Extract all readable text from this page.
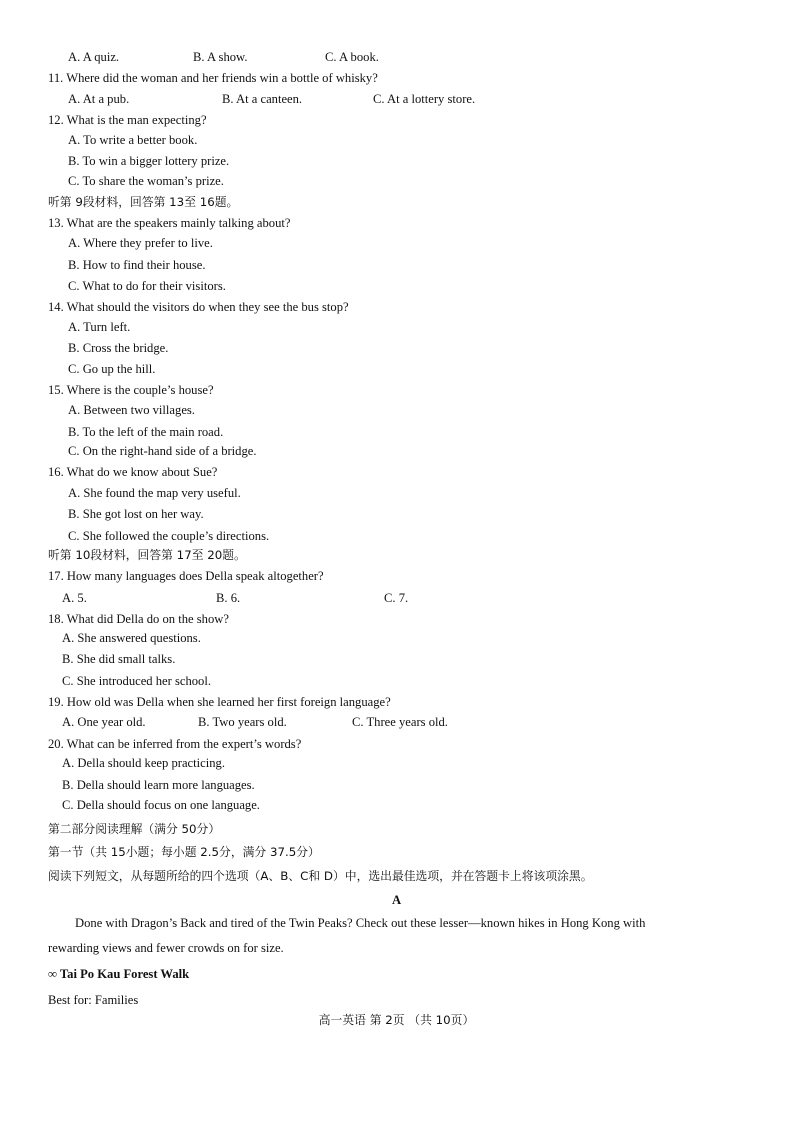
A. A quiz.	B. A show.	C. A book.
11. Where did the woman and her friends win a bottle of whisky?
A. At a pub.	B. At a canteen.	C. At a lottery store.
12. What is the man expecting?
A. To write a better book.
B. To win a bigger lottery prize.
C. To share the woman’s prize.
听第 9段材料，回答第 13至 16题。
13. What are the speakers mainly talking about?
A. Where they prefer to live.
B. How to find their house.
C. What to do for their visitors.
14. What should the visitors do when they see the bus stop?
A. Turn left.
B. Cross the bridge.
C. Go up the hill.
15. Where is the couple’s house?
A. Between two villages.
B. To the left of the main road.
C. On the right-hand side of a bridge.
16. What do we know about Sue?
A. She found the map very useful.
B. She got lost on her way.
C. She followed the couple’s directions.
听第 10段材料，回答第 17至 20题。
17. How many languages does Della speak altogether?
A. 5.	B. 6.	C. 7.
18. What did Della do on the show?
A. She answered questions.
B. She did small talks.
C. She introduced her school.
19. How old was Della when she learned her first foreign language?
A. One year old.	B. Two years old.	C. Three years old.
20. What can be inferred from the expert’s words?
A. Della should keep practicing.
B. Della should learn more languages.
C. Della should focus on one language.
第二部分阅读理解（满分 50分）
第一节（共 15小题；每小题 2.5分，满分 37.5分）
阅读下列短文，从每题所给的四个选项（A、B、C和 D）中，选出最佳选项，并在答题卡上将该项涂黑。
A
Done with Dragon’s Back and tired of the Twin Peaks? Check out these lesser—known hikes in Hong Kong with
rewarding views and fewer crowds on for size.
∞ Tai Po Kau Forest Walk
Best for: Families
高一英语 第 2页 （共 10页）
